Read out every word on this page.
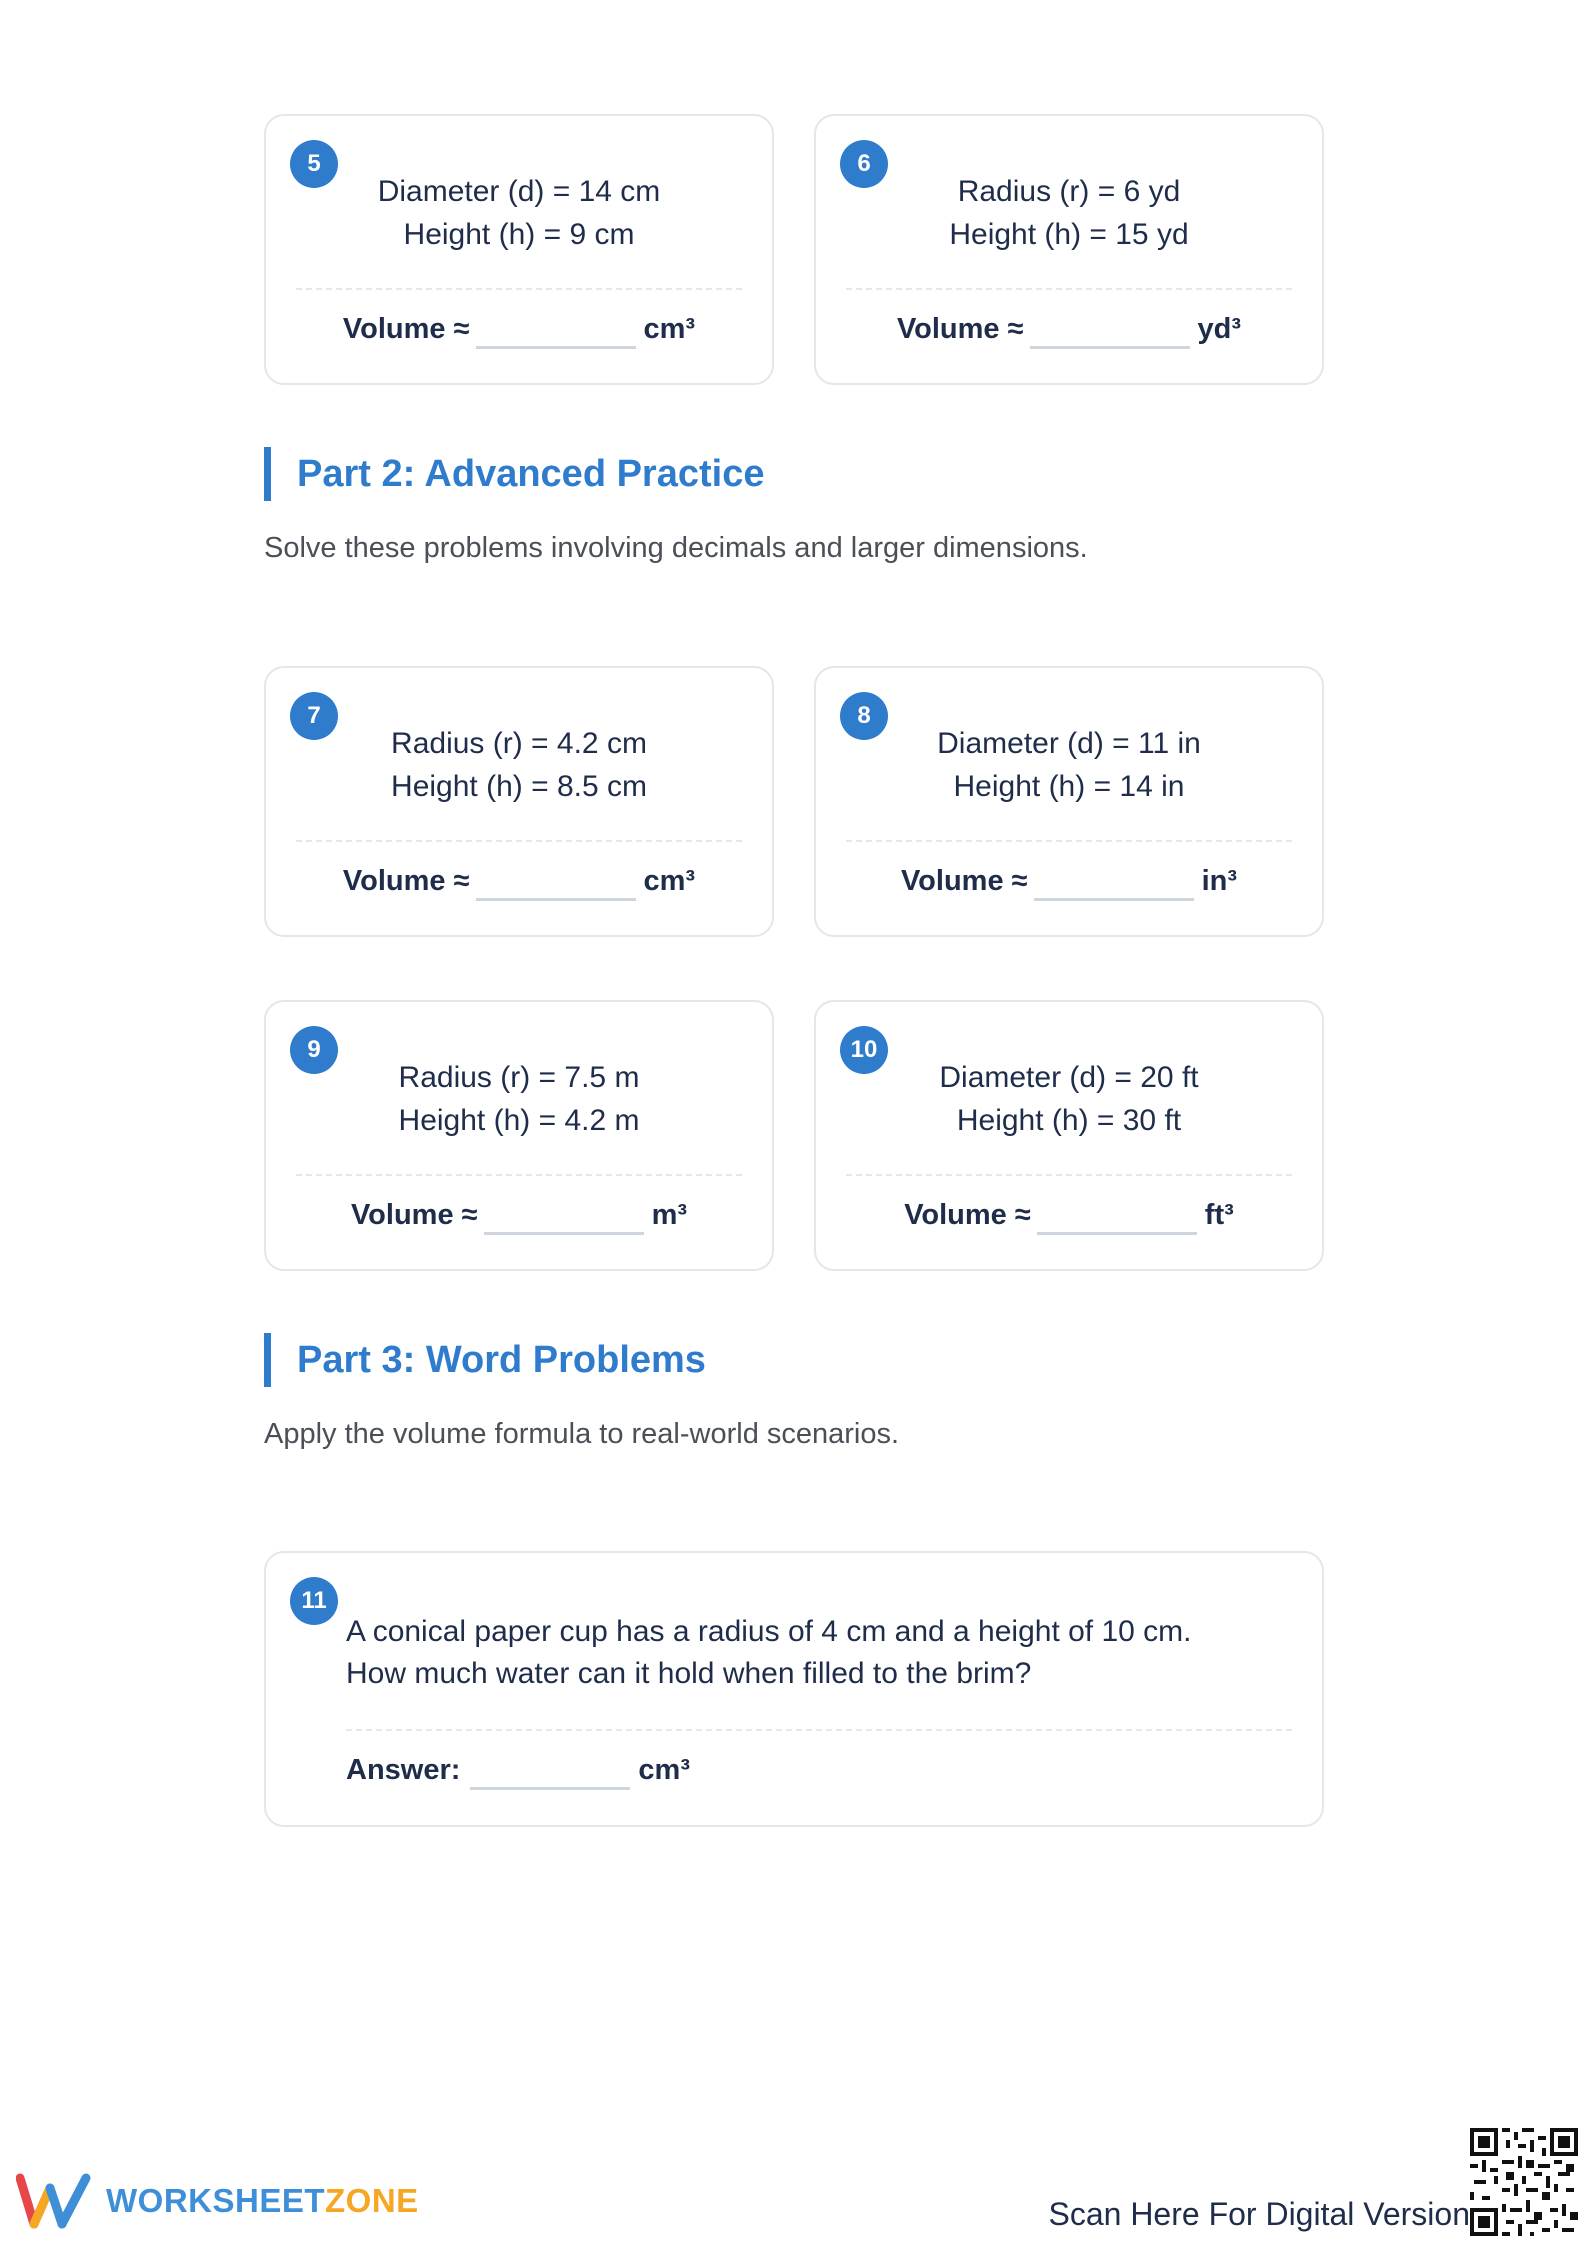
5
Diameter (d) = 14 cm
Height (h) = 9 cm
Volume ≈	cm³
6
Radius (r) = 6 yd
Height (h) = 15 yd
Volume ≈	yd³
Part 2: Advanced Practice
Solve these problems involving decimals and larger dimensions.
7
Radius (r) = 4.2 cm
Height (h) = 8.5 cm
Volume ≈	cm³
8
Diameter (d) = 11 in
Height (h) = 14 in
Volume ≈	in³
9
Radius (r) = 7.5 m
Height (h) = 4.2 m
Volume ≈	m³
10
Diameter (d) = 20 ft
Height (h) = 30 ft
Volume ≈	ft³
Part 3: Word Problems
Apply the volume formula to real-world scenarios.
11
A conical paper cup has a radius of 4 cm and a height of 10 cm.
How much water can it hold when filled to the brim?
Answer:	cm³
WORKSHEETZONE	Scan Here For Digital Version
